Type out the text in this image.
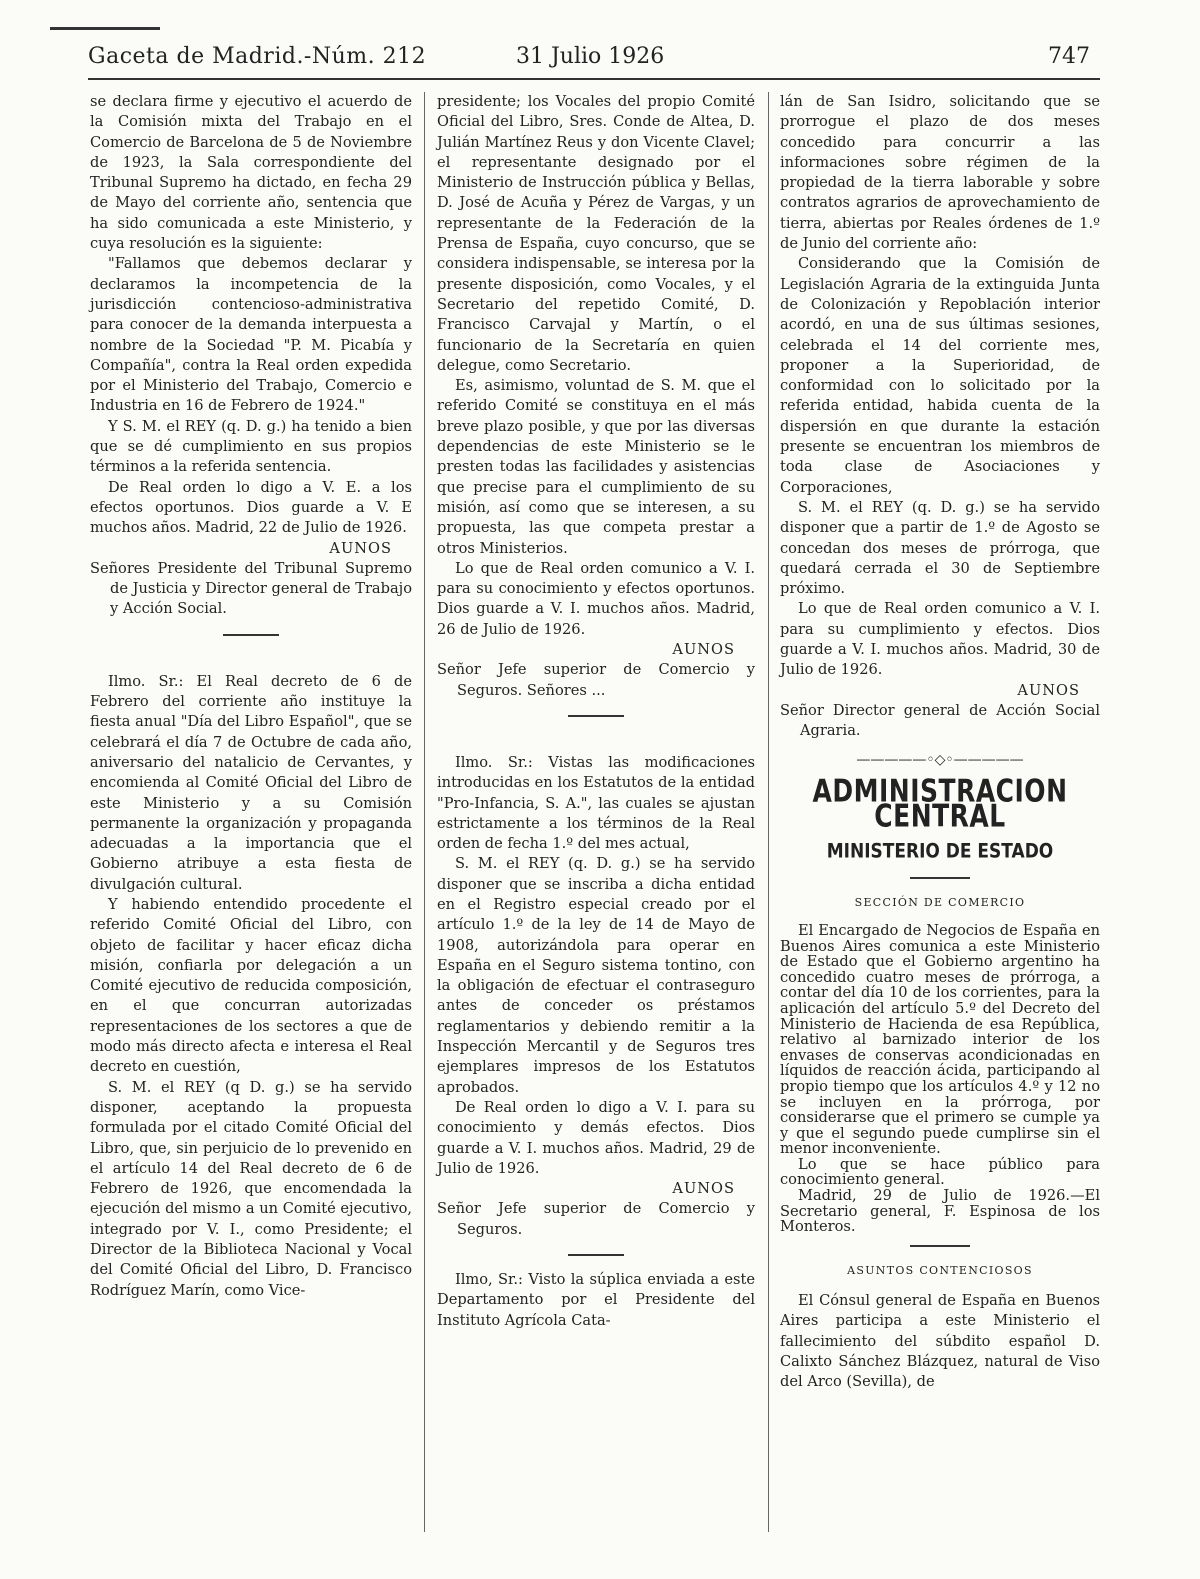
Gaceta de Madrid.-Núm. 212	31 Julio 1926	747

se declara firme y ejecutivo el acuerdo de la Comisión mixta del Trabajo en el Comercio de Barcelona de 5 de Noviembre de 1923, la Sala correspondiente del Tribunal Supremo ha dictado, en fecha 29 de Mayo del corriente año, sentencia que ha sido comunicada a este Ministerio, y cuya resolución es la siguiente:

"Fallamos que debemos declarar y declaramos la incompetencia de la jurisdicción contencioso-administrativa para conocer de la demanda interpuesta a nombre de la Sociedad "P. M. Picabía y Compañía", contra la Real orden expedida por el Ministerio del Trabajo, Comercio e Industria en 16 de Febrero de 1924."

Y S. M. el REY (q. D. g.) ha tenido a bien que se dé cumplimiento en sus propios términos a la referida sentencia.

De Real orden lo digo a V. E. a los efectos oportunos. Dios guarde a V. E muchos años. Madrid, 22 de Julio de 1926.

AUNOS

Señores Presidente del Tribunal Supremo de Justicia y Director general de Trabajo y Acción Social.

Ilmo. Sr.: El Real decreto de 6 de Febrero del corriente año instituye la fiesta anual "Día del Libro Español", que se celebrará el día 7 de Octubre de cada año, aniversario del natalicio de Cervantes, y encomienda al Comité Oficial del Libro de este Ministerio y a su Comisión permanente la organización y propaganda adecuadas a la importancia que el Gobierno atribuye a esta fiesta de divulgación cultural.

Y habiendo entendido procedente el referido Comité Oficial del Libro, con objeto de facilitar y hacer eficaz dicha misión, confiarla por delegación a un Comité ejecutivo de reducida composición, en el que concurran autorizadas representaciones de los sectores a que de modo más directo afecta e interesa el Real decreto en cuestión,

S. M. el REY (q D. g.) se ha servido disponer, aceptando la propuesta formulada por el citado Comité Oficial del Libro, que, sin perjuicio de lo prevenido en el artículo 14 del Real decreto de 6 de Febrero de 1926, que encomendada la ejecución del mismo a un Comité ejecutivo, integrado por V. I., como Presidente; el Director de la Biblioteca Nacional y Vocal del Comité Oficial del Libro, D. Francisco Rodríguez Marín, como Vice-

presidente; los Vocales del propio Comité Oficial del Libro, Sres. Conde de Altea, D. Julián Martínez Reus y don Vicente Clavel; el representante designado por el Ministerio de Instrucción pública y Bellas, D. José de Acuña y Pérez de Vargas, y un representante de la Federación de la Prensa de España, cuyo concurso, que se considera indispensable, se interesa por la presente disposición, como Vocales, y el Secretario del repetido Comité, D. Francisco Carvajal y Martín, o el funcionario de la Secretaría en quien delegue, como Secretario.

Es, asimismo, voluntad de S. M. que el referido Comité se constituya en el más breve plazo posible, y que por las diversas dependencias de este Ministerio se le presten todas las facilidades y asistencias que precise para el cumplimiento de su misión, así como que se interesen, a su propuesta, las que competa prestar a otros Ministerios.

Lo que de Real orden comunico a V. I. para su conocimiento y efectos oportunos. Dios guarde a V. I. muchos años. Madrid, 26 de Julio de 1926.

AUNOS

Señor Jefe superior de Comercio y Seguros. Señores ...

Ilmo. Sr.: Vistas las modificaciones introducidas en los Estatutos de la entidad "Pro-Infancia, S. A.", las cuales se ajustan estrictamente a los términos de la Real orden de fecha 1.º del mes actual,

S. M. el REY (q. D. g.) se ha servido disponer que se inscriba a dicha entidad en el Registro especial creado por el artículo 1.º de la ley de 14 de Mayo de 1908, autorizándola para operar en España en el Seguro sistema tontino, con la obligación de efectuar el contraseguro antes de conceder os préstamos reglamentarios y debiendo remitir a la Inspección Mercantil y de Seguros tres ejemplares impresos de los Estatutos aprobados.

De Real orden lo digo a V. I. para su conocimiento y demás efectos. Dios guarde a V. I. muchos años. Madrid, 29 de Julio de 1926.

AUNOS

Señor Jefe superior de Comercio y Seguros.

Ilmo, Sr.: Visto la súplica enviada a este Departamento por el Presidente del Instituto Agrícola Cata-

lán de San Isidro, solicitando que se prorrogue el plazo de dos meses concedido para concurrir a las informaciones sobre régimen de la propiedad de la tierra laborable y sobre contratos agrarios de aprovechamiento de tierra, abiertas por Reales órdenes de 1.º de Junio del corriente año:

Considerando que la Comisión de Legislación Agraria de la extinguida Junta de Colonización y Repoblación interior acordó, en una de sus últimas sesiones, celebrada el 14 del corriente mes, proponer a la Superioridad, de conformidad con lo solicitado por la referida entidad, habida cuenta de la dispersión en que durante la estación presente se encuentran los miembros de toda clase de Asociaciones y Corporaciones,

S. M. el REY (q. D. g.) se ha servido disponer que a partir de 1.º de Agosto se concedan dos meses de prórroga, que quedará cerrada el 30 de Septiembre próximo.

Lo que de Real orden comunico a V. I. para su cumplimiento y efectos. Dios guarde a V. I. muchos años. Madrid, 30 de Julio de 1926.

AUNOS

Señor Director general de Acción Social Agraria.

—————◦◇◦—————
ADMINISTRACION CENTRAL
MINISTERIO DE ESTADO
SECCIÓN DE COMERCIO

El Encargado de Negocios de España en Buenos Aires comunica a este Ministerio de Estado que el Gobierno argentino ha concedido cuatro meses de prórroga, a contar del día 10 de los corrientes, para la aplicación del artículo 5.º del Decreto del Ministerio de Hacienda de esa República, relativo al barnizado interior de los envases de conservas acondicionadas en líquidos de reacción ácida, participando al propio tiempo que los artículos 4.º y 12 no se incluyen en la prórroga, por considerarse que el primero se cumple ya y que el segundo puede cumplirse sin el menor inconveniente.

Lo que se hace público para conocimiento general.

Madrid, 29 de Julio de 1926.—El Secretario general, F. Espinosa de los Monteros.

ASUNTOS CONTENCIOSOS

El Cónsul general de España en Buenos Aires participa a este Ministerio el fallecimiento del súbdito español D. Calixto Sánchez Blázquez, natural de Viso del Arco (Sevilla), de
